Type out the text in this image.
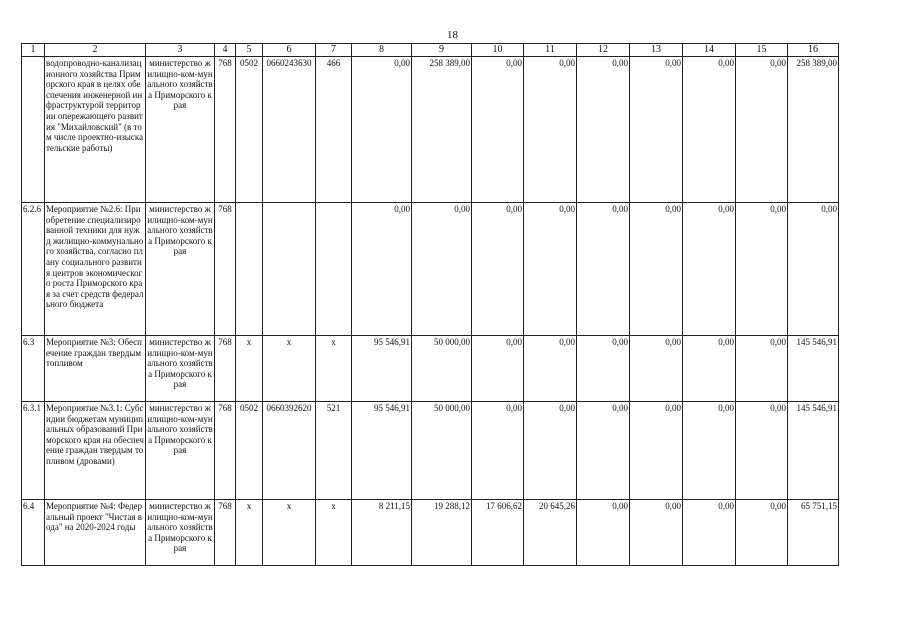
18
1	2	3	4	5	6	7	8	9	10	11	12	13	14	15	16
	водопроводно-канализационного хозяйства Приморского края в целях обеспечения инженерной инфраструктурой территории опережающего развития "Михайловский" (в том числе проектно-изыскательские работы)	министерство жилищно-ком-мунального хозяйства Приморского края	768	0502	0660243630	466	0,00	258 389,00	0,00	0,00	0,00	0,00	0,00	0,00	258 389,00
6.2.6	Мероприятие №2.6: Приобретение специализированной техники для нужд жилищно-коммунального хозяйства, согласно плану социального развития центров экономического роста Приморского края за счет средств федерального бюджета	министерство жилищно-ком-мунального хозяйства Приморского края	768				0,00	0,00	0,00	0,00	0,00	0,00	0,00	0,00	0,00
6.3	Мероприятие №3: Обеспечение граждан твердым топливом	министерство жилищно-ком-мунального хозяйства Приморского края	768	x	x	x	95 546,91	50 000,00	0,00	0,00	0,00	0,00	0,00	0,00	145 546,91
6.3.1	Мероприятие №3.1: Субсидии бюджетам муниципальных образований Приморского края на обеспечение граждан твердым топливом (дровами)	министерство жилищно-ком-мунального хозяйства Приморского края	768	0502	0660392620	521	95 546,91	50 000,00	0,00	0,00	0,00	0,00	0,00	0,00	145 546,91
6.4	Мероприятие №4: Федеральный проект "Чистая вода" на 2020-2024 годы	министерство жилищно-ком-мунального хозяйства Приморского края	768	x	x	x	8 211,15	19 288,12	17 606,62	20 645,26	0,00	0,00	0,00	0,00	65 751,15
